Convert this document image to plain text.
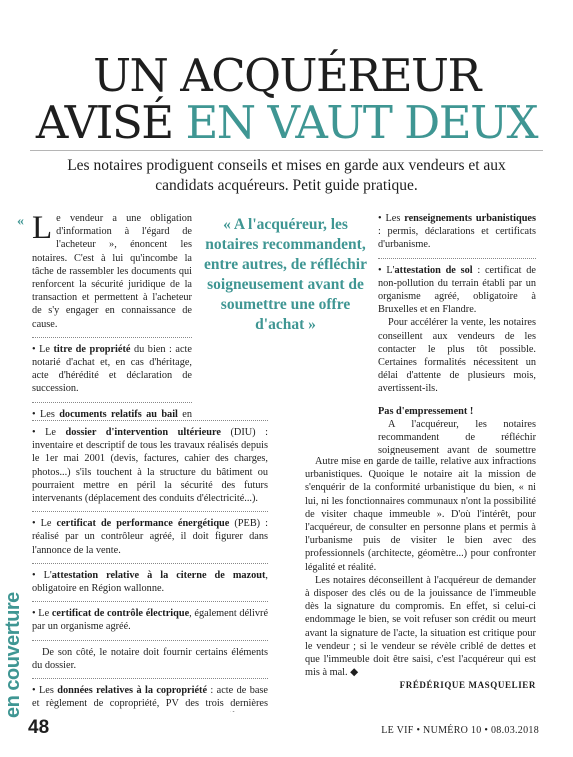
UN ACQUÉREUR
AVISÉ EN VAUT DEUX
Les notaires prodiguent conseils et mises en garde aux vendeurs et aux candidats acquéreurs. Petit guide pratique.
« Le vendeur a une obligation d'information à l'égard de l'acheteur », énoncent les notaires. C'est à lui qu'incombe la tâche de rassembler les documents qui renforcent la sécurité juridique de la transaction et permettent à l'acheteur de s'y engager en connaissance de cause.

• Le titre de propriété du bien : acte notarié d'achat et, en cas d'héritage, acte d'hérédité et déclaration de succession.

• Les documents relatifs au bail en

« A l'acquéreur, les notaires recommandent, entre autres, de réfléchir soigneusement avant de soumettre une offre d'achat »

• Le dossier d'intervention ultérieure (DIU) : inventaire et descriptif de tous les travaux réalisés depuis le 1er mai 2001 (devis, factures, cahier des charges, photos...) s'ils touchent à la structure du bâtiment ou pourraient mettre en péril la sécurité des futurs intervenants (déplacement des conduits d'électricité...).

• Le certificat de performance énergétique (PEB) : réalisé par un contrôleur agréé, il doit figurer dans l'annonce de la vente.

• L'attestation relative à la citerne de mazout, obligatoire en Région wallonne.

• Le certificat de contrôle électrique, également délivré par un organisme agréé.

De son côté, le notaire doit fournir certains éléments du dossier.

• Les données relatives à la copropriété : acte de base et règlement de copropriété, PV des trois dernières

• Les renseignements urbanistiques : permis, déclarations et certificats d'urbanisme.

• L'attestation de sol : certificat de non-pollution du terrain établi par un organisme agréé, obligatoire à Bruxelles et en Flandre.

Pour accélérer la vente, les notaires conseillent aux vendeurs de les contacter le plus tôt possible. Certaines formalités nécessitent un délai d'attente de plusieurs mois, avertissent-ils.

Pas d'empressement !

A l'acquéreur, les notaires recommandent de réfléchir soigneusement avant de soumettre

Autre mise en garde de taille, relative aux infractions urbanistiques. Quoique le notaire ait la mission de s'enquérir de la conformité urbanistique du bien, « ni lui, ni les fonctionnaires communaux n'ont la possibilité de visiter chaque immeuble ». D'où l'intérêt, pour l'acquéreur, de consulter en personne plans et permis à l'urbanisme puis de visiter le bien avec des professionnels (architecte, géomètre...) pour confronter légalité et réalité.

Les notaires déconseillent à l'acquéreur de demander à disposer des clés ou de la jouissance de l'immeuble dès la signature du compromis. En effet, si celui-ci endommage le bien, se voit refuser son crédit ou meurt avant la signature de l'acte, la situation est critique pour le vendeur ; si le vendeur se révèle criblé de dettes et que l'immeuble doit être saisi, c'est l'acquéreur qui est mis à mal. ◆

FRÉDÉRIQUE MASQUELIER

en couverture
48	LE VIF • NUMÉRO 10 • 08.03.2018
